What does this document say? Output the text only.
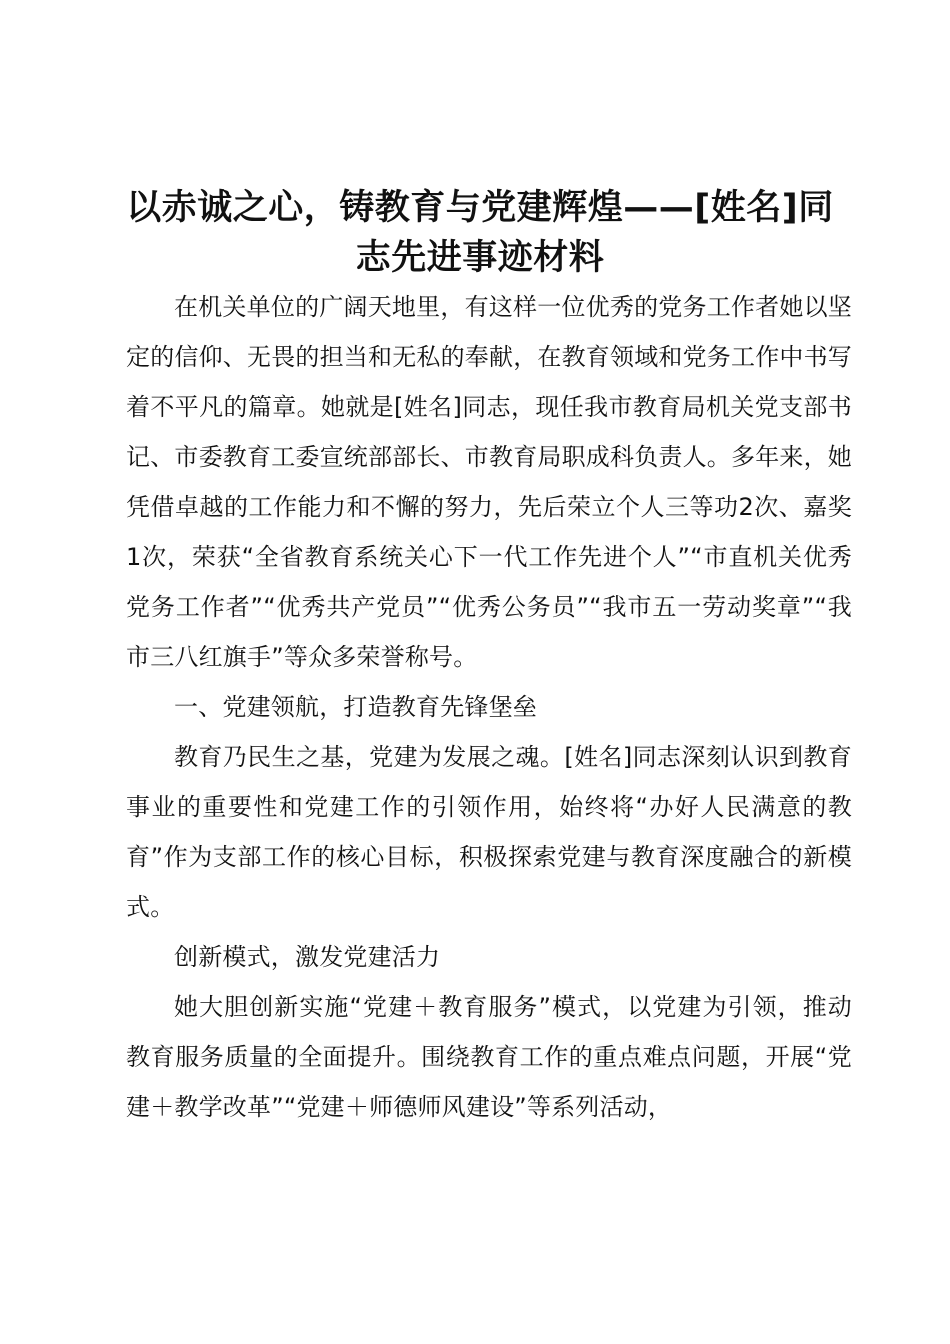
以赤诚之心，铸教育与党建辉煌——[姓名]同志先进事迹材料

在机关单位的广阔天地里，有这样一位优秀的党务工作者她以坚定的信仰、无畏的担当和无私的奉献，在教育领域和党务工作中书写着不平凡的篇章。她就是[姓名]同志，现任我市教育局机关党支部书记、市委教育工委宣统部部长、市教育局职成科负责人。多年来，她凭借卓越的工作能力和不懈的努力，先后荣立个人三等功2次、嘉奖1次，荣获“全省教育系统关心下一代工作先进个人”“市直机关优秀党务工作者”“优秀共产党员”“优秀公务员”“我市五一劳动奖章”“我市三八红旗手”等众多荣誉称号。

一、党建领航，打造教育先锋堡垒

教育乃民生之基，党建为发展之魂。[姓名]同志深刻认识到教育事业的重要性和党建工作的引领作用，始终将“办好人民满意的教育”作为支部工作的核心目标，积极探索党建与教育深度融合的新模式。

创新模式，激发党建活力

她大胆创新实施“党建＋教育服务”模式，以党建为引领，推动教育服务质量的全面提升。围绕教育工作的重点难点问题，开展“党建＋教学改革”“党建＋师德师风建设”等系列活动，
